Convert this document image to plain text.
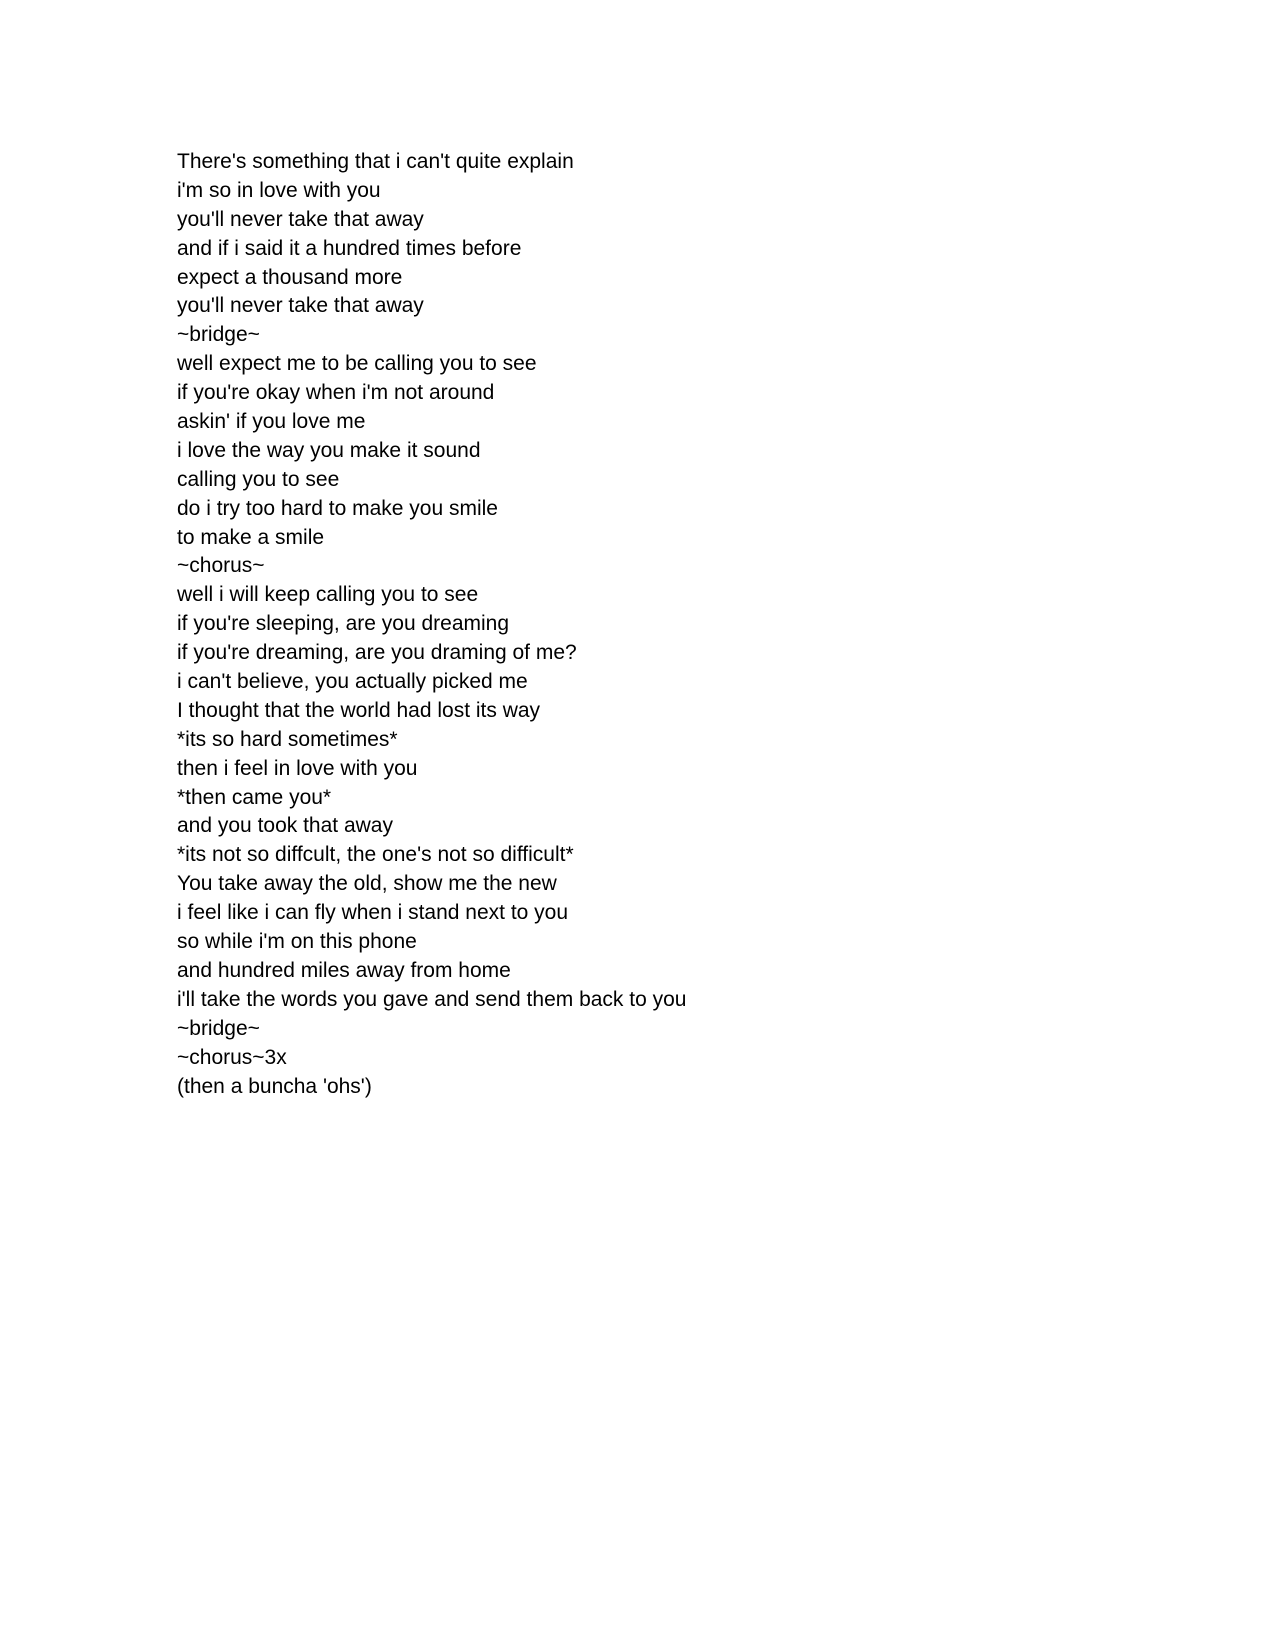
There's something that i can't quite explain
i'm so in love with you
you'll never take that away
and if i said it a hundred times before
expect a thousand more
you'll never take that away
~bridge~
well expect me to be calling you to see
if you're okay when i'm not around
askin' if you love me
i love the way you make it sound
calling you to see
do i try too hard to make you smile
to make a smile
~chorus~
well i will keep calling you to see
if you're sleeping, are you dreaming
if you're dreaming, are you draming of me?
i can't believe, you actually picked me
I thought that the world had lost its way
*its so hard sometimes*
then i feel in love with you
*then came you*
and you took that away
*its not so diffcult, the one's not so difficult*
You take away the old, show me the new
i feel like i can fly when i stand next to you
so while i'm on this phone
and hundred miles away from home
i'll take the words you gave and send them back to you
~bridge~
~chorus~3x
(then a buncha 'ohs')
